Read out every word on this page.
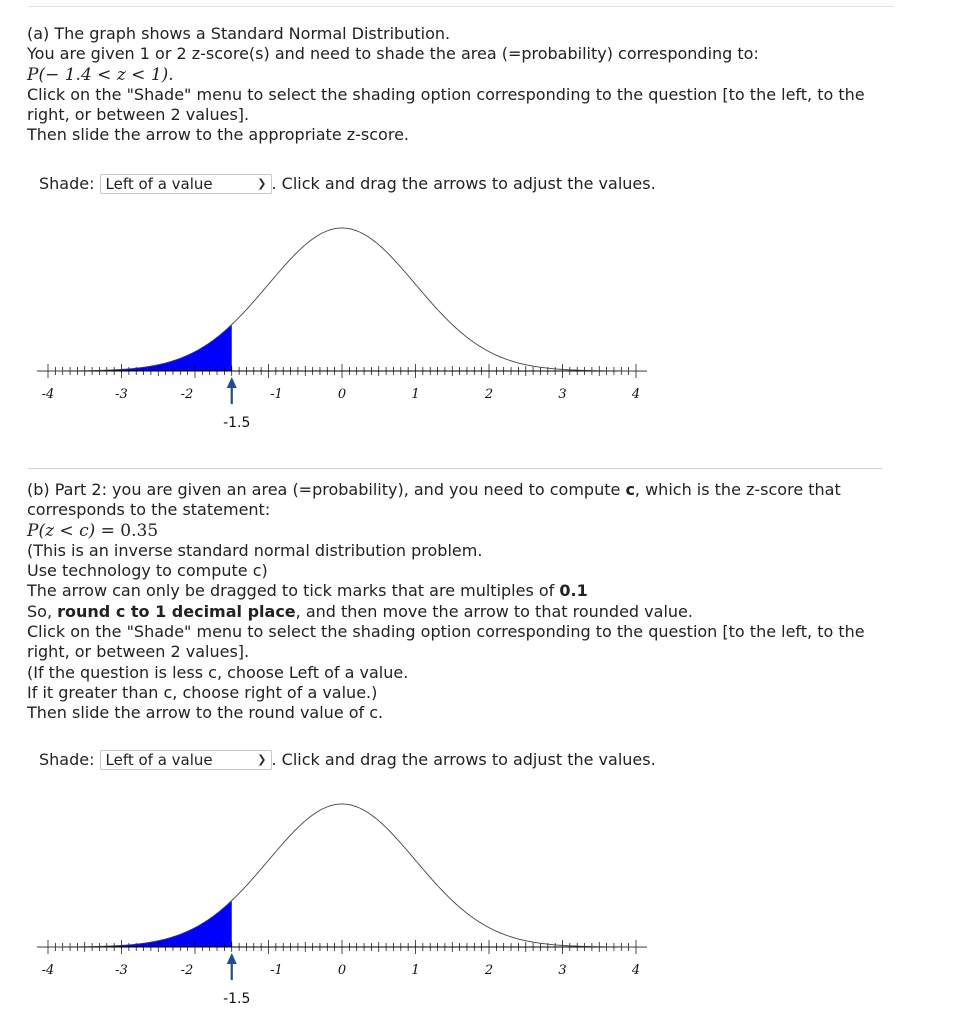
(a) The graph shows a Standard Normal Distribution.
You are given 1 or 2 z-score(s) and need to shade the area (=probability) corresponding to:
P(− 1.4 < z < 1).
Click on the "Shade" menu to select the shading option corresponding to the question [to the left, to the
right, or between 2 values].
Then slide the arrow to the appropriate z-score.
Shade: Left of a value	❯ . Click and drag the arrows to adjust the values.
-4	-3	-2	-1	0	1	2	3	4
-1.5
(b) Part 2: you are given an area (=probability), and you need to compute c, which is the z-score that
corresponds to the statement:
P(z < c) = 0.35
(This is an inverse standard normal distribution problem.
Use technology to compute c)
The arrow can only be dragged to tick marks that are multiples of 0.1
So, round c to 1 decimal place, and then move the arrow to that rounded value.
Click on the "Shade" menu to select the shading option corresponding to the question [to the left, to the
right, or between 2 values].
(If the question is less c, choose Left of a value.
If it greater than c, choose right of a value.)
Then slide the arrow to the round value of c.
Shade: Left of a value	❯ . Click and drag the arrows to adjust the values.
-4	-3	-2	-1	0	1	2	3	4
-1.5
